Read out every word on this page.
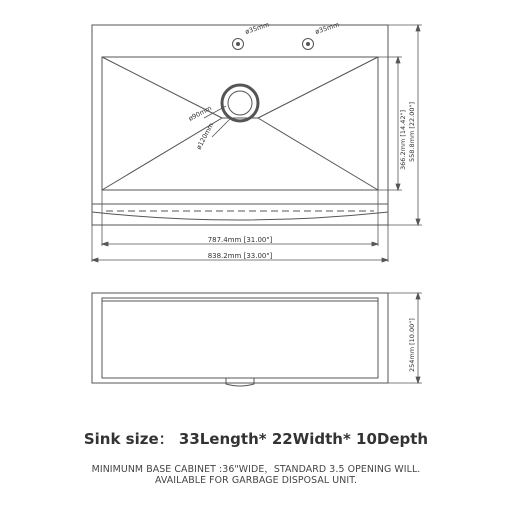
ø35mm	ø35mm
ø90mm
ø120mm	366.2mm [14.42"] 558.8mm [22.00"]
787.4mm [31.00"]
838.2mm [33.00"]
254mm [10.00"]
Sink size： 33Length* 22Width* 10Depth
MINIMUNM BASE CABINET :36"WIDE，STANDARD 3.5 OPENING WILL.
AVAILABLE FOR GARBAGE DISPOSAL UNIT.
